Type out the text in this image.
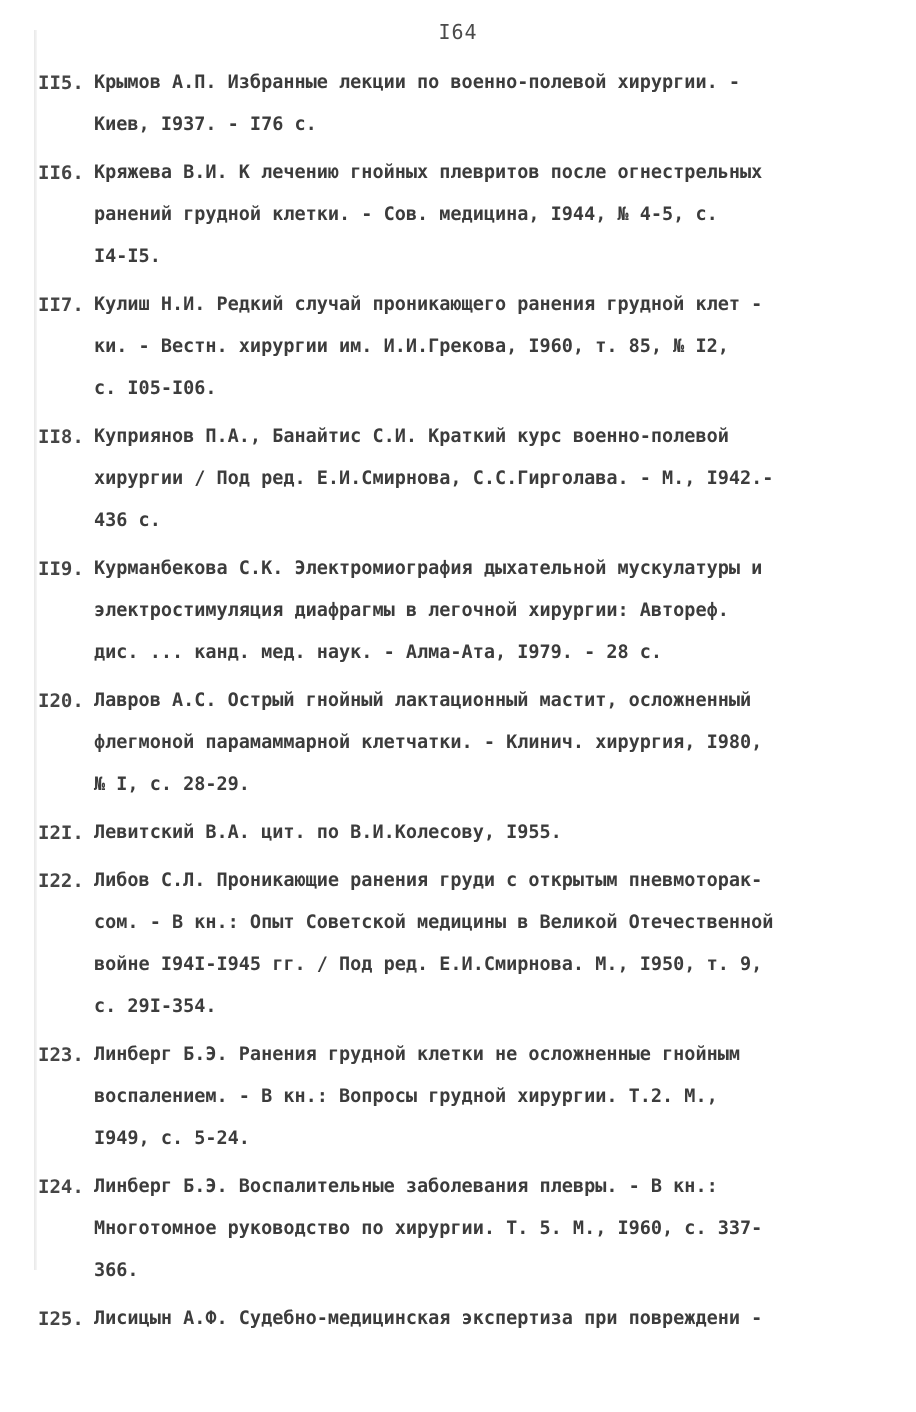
I64
II5. Крымов А.П. Избранные лекции по военно-полевой хирургии. -
Киев, I937. - I76 с.
II6. Кряжева В.И. К лечению гнойных плевритов после огнестрельных
ранений грудной клетки. - Сов. медицина, I944, № 4-5, с.
I4-I5.
II7. Кулиш Н.И. Редкий случай проникающего ранения грудной клет -
ки. - Вестн. хирургии им. И.И.Грекова, I960, т. 85, № I2,
с. I05-I06.
II8. Куприянов П.А., Банайтис С.И. Краткий курс военно-полевой
хирургии / Под ред. Е.И.Смирнова, С.С.Гирголава. - М., I942.-
436 с.
II9. Курманбекова С.К. Электромиография дыхательной мускулатуры и
электростимуляция диафрагмы в легочной хирургии: Автореф.
дис. ... канд. мед. наук. - Алма-Ата, I979. - 28 с.
I20. Лавров А.С. Острый гнойный лактационный мастит, осложненный
флегмоной парамаммарной клетчатки. - Клинич. хирургия, I980,
№ I, с. 28-29.
I2I. Левитский В.А. цит. по В.И.Колесову, I955.
I22. Либов С.Л. Проникающие ранения груди с открытым пневмоторак-
сом. - В кн.: Опыт Советской медицины в Великой Отечественной
войне I94I-I945 гг. / Под ред. Е.И.Смирнова. М., I950, т. 9,
с. 29I-354.
I23. Линберг Б.Э. Ранения грудной клетки не осложненные гнойным
воспалением. - В кн.: Вопросы грудной хирургии. Т.2. М.,
I949, с. 5-24.
I24. Линберг Б.Э. Воспалительные заболевания плевры. - В кн.:
Многотомное руководство по хирургии. Т. 5. М., I960, с. 337-
366.
I25. Лисицын А.Ф. Судебно-медицинская экспертиза при повреждени -
